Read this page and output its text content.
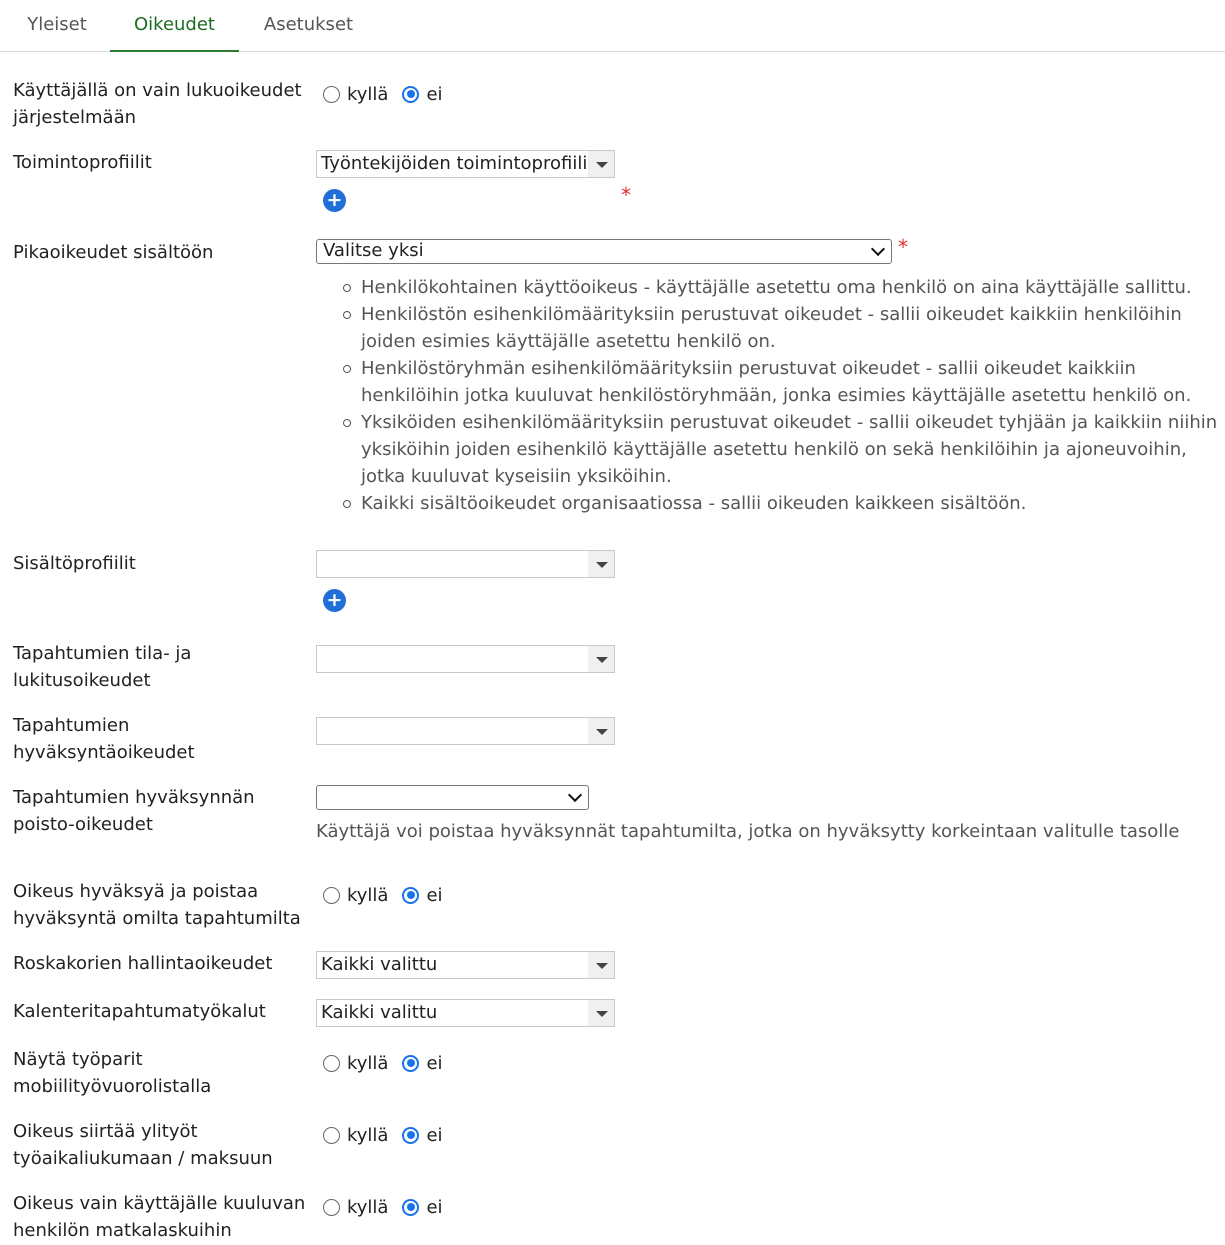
Yleiset	Oikeudet	Asetukset
Käyttäjällä on vain lukuoikeudet järjestelmään
kyllä ei
Toimintoprofiilit	Työntekijöiden toimintoprofiili
+	*
Pikaoikeudet sisältöön	Valitse yksi	*
Henkilökohtainen käyttöoikeus - käyttäjälle asetettu oma henkilö on aina käyttäjälle sallittu.
Henkilöstön esihenkilömäärityksiin perustuvat oikeudet - sallii oikeudet kaikkiin henkilöihin joiden esimies käyttäjälle asetettu henkilö on.
Henkilöstöryhmän esihenkilömäärityksiin perustuvat oikeudet - sallii oikeudet kaikkiin henkilöihin jotka kuuluvat henkilöstöryhmään, jonka esimies käyttäjälle asetettu henkilö on.
Yksiköiden esihenkilömäärityksiin perustuvat oikeudet - sallii oikeudet tyhjään ja kaikkiin niihin yksiköihin joiden esihenkilö käyttäjälle asetettu henkilö on sekä henkilöihin ja ajoneuvoihin, jotka kuuluvat kyseisiin yksiköihin.
Kaikki sisältöoikeudet organisaatiossa - sallii oikeuden kaikkeen sisältöön.
Sisältöprofiilit
+
Tapahtumien tila- ja lukitusoikeudet
Tapahtumien hyväksyntäoikeudet
Tapahtumien hyväksynnän poisto-oikeudet	Käyttäjä voi poistaa hyväksynnät tapahtumilta, jotka on hyväksytty korkeintaan valitulle tasolle
Oikeus hyväksyä ja poistaa hyväksyntä omilta tapahtumilta
kyllä ei
Roskakorien hallintaoikeudet	Kaikki valittu
Kalenteritapahtumatyökalut	Kaikki valittu
Näytä työparit mobiilityövuorolistalla
kyllä ei
Oikeus siirtää ylityöt työaikaliukumaan / maksuun
kyllä ei
Oikeus vain käyttäjälle kuuluvan henkilön matkalaskuihin
kyllä ei
